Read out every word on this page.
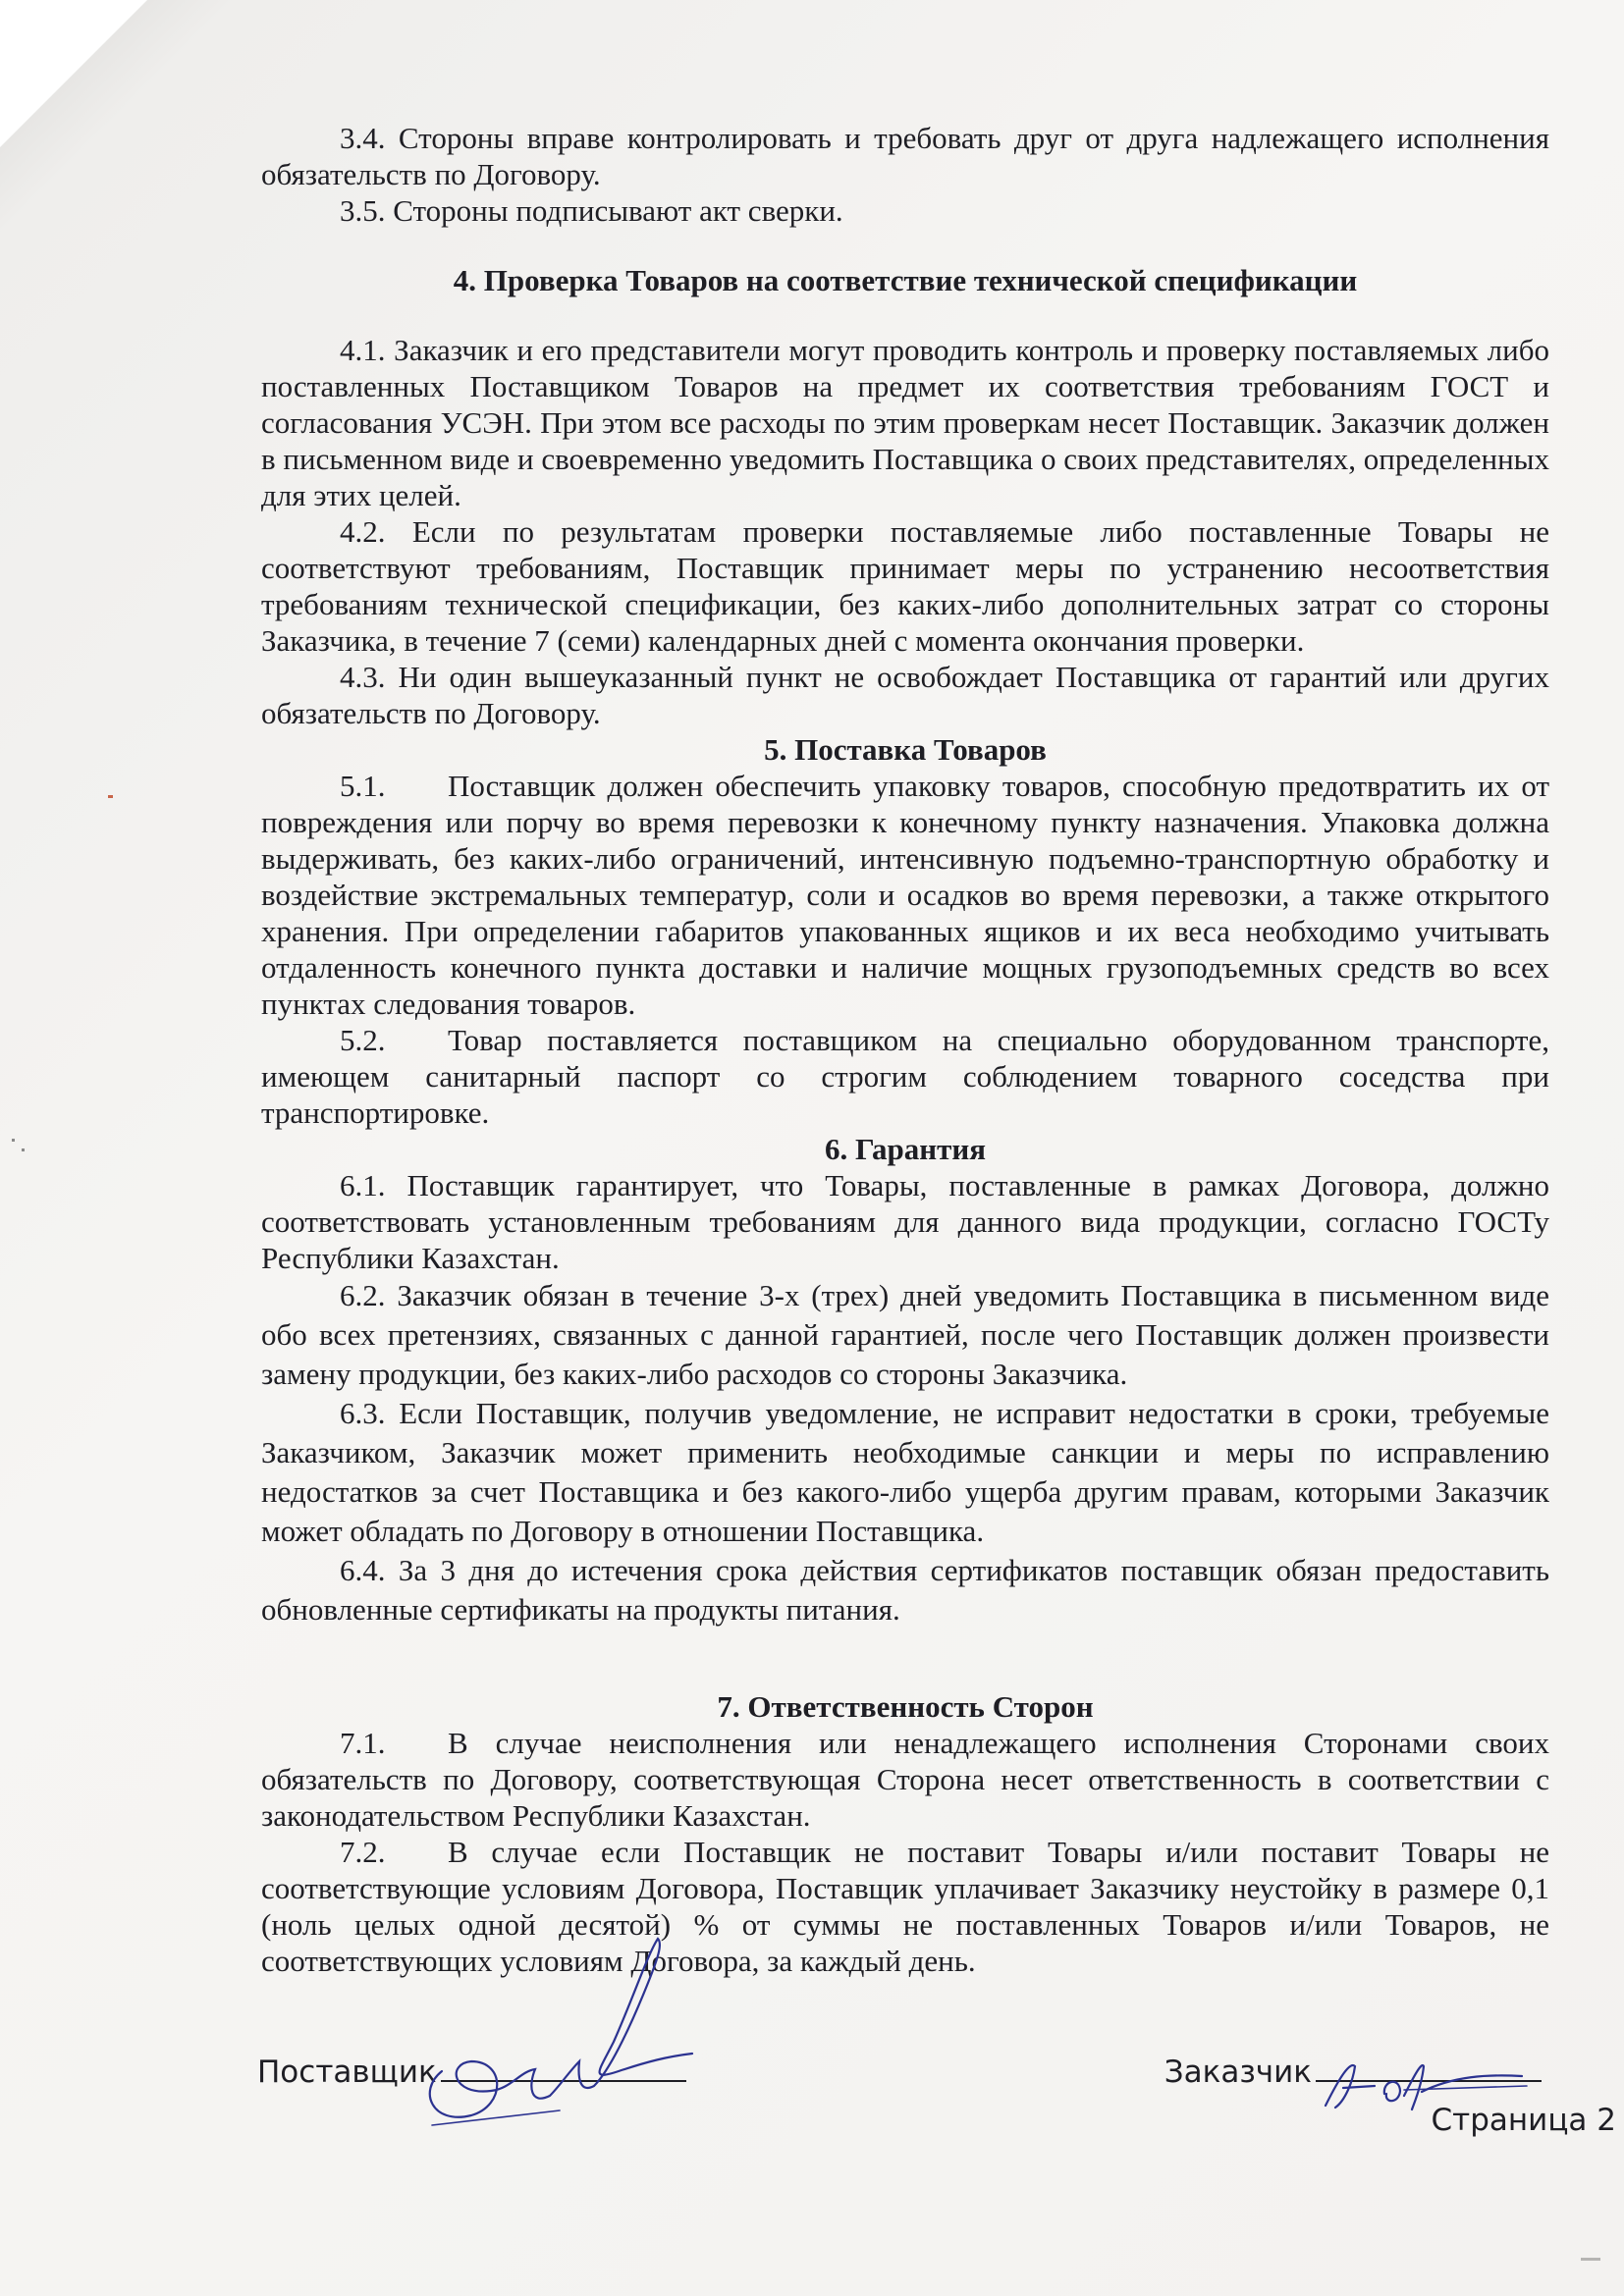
3.4. Стороны вправе контролировать и требовать друг от друга надлежащего исполнения обязательств по Договору.

3.5. Стороны подписывают акт сверки.

4. Проверка Товаров на соответствие технической спецификации

4.1. Заказчик и его представители могут проводить контроль и проверку поставляемых либо поставленных Поставщиком Товаров на предмет их соответствия требованиям ГОСТ и согласования УСЭН. При этом все расходы по этим проверкам несет Поставщик. Заказчик должен в письменном виде и своевременно уведомить Поставщика о своих представителях, определенных для этих целей.

4.2. Если по результатам проверки поставляемые либо поставленные Товары не соответствуют требованиям, Поставщик принимает меры по устранению несоответствия требованиям технической спецификации, без каких-либо дополнительных затрат со стороны Заказчика, в течение 7 (семи) календарных дней с момента окончания проверки.

4.3. Ни один вышеуказанный пункт не освобождает Поставщика от гарантий или других обязательств по Договору.

5. Поставка Товаров

5.1. Поставщик должен обеспечить упаковку товаров, способную предотвратить их от повреждения или порчу во время перевозки к конечному пункту назначения. Упаковка должна выдерживать, без каких-либо ограничений, интенсивную подъемно-транспортную обработку и воздействие экстремальных температур, соли и осадков во время перевозки, а также открытого хранения. При определении габаритов упакованных ящиков и их веса необходимо учитывать отдаленность конечного пункта доставки и наличие мощных грузоподъемных средств во всех пунктах следования товаров.

5.2. Товар поставляется поставщиком на специально оборудованном транспорте, имеющем санитарный паспорт со строгим соблюдением товарного соседства при транспортировке.

6. Гарантия

6.1. Поставщик гарантирует, что Товары, поставленные в рамках Договора, должно соответствовать установленным требованиям для данного вида продукции, согласно ГОСТу Республики Казахстан.

6.2. Заказчик обязан в течение 3-х (трех) дней уведомить Поставщика в письменном виде обо всех претензиях, связанных с данной гарантией, после чего Поставщик должен произвести замену продукции, без каких-либо расходов со стороны Заказчика.

6.3. Если Поставщик, получив уведомление, не исправит недостатки в сроки, требуемые Заказчиком, Заказчик может применить необходимые санкции и меры по исправлению недостатков за счет Поставщика и без какого-либо ущерба другим правам, которыми Заказчик может обладать по Договору в отношении Поставщика.

6.4. За 3 дня до истечения срока действия сертификатов поставщик обязан предоставить обновленные сертификаты на продукты питания.

7. Ответственность Сторон

7.1. В случае неисполнения или ненадлежащего исполнения Сторонами своих обязательств по Договору, соответствующая Сторона несет ответственность в соответствии с законодательством Республики Казахстан.

7.2. В случае если Поставщик не поставит Товары и/или поставит Товары не соответствующие условиям Договора, Поставщик уплачивает Заказчику неустойку в размере 0,1 (ноль целых одной десятой) % от суммы не поставленных Товаров и/или Товаров, не соответствующих условиям Договора, за каждый день.

Поставщик	Заказчик
Страница 2
